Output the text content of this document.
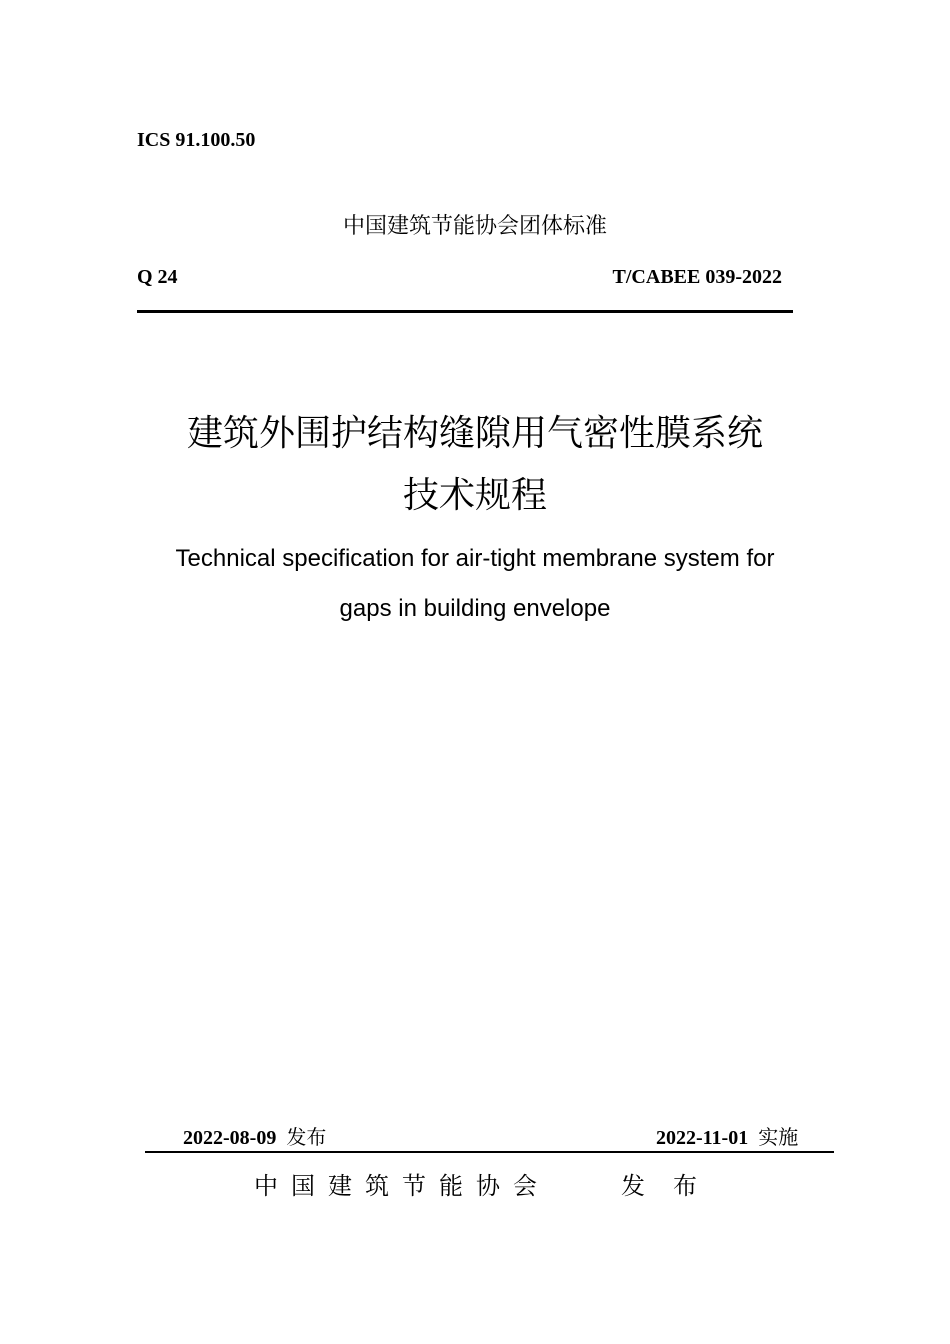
ICS 91.100.50
中国建筑节能协会团体标准
Q 24	T/CABEE 039-2022
建筑外围护结构缝隙用气密性膜系统
技术规程
Technical specification for air-tight membrane system for
gaps in building envelope
2022-08-09 发布	2022-11-01 实施
中国建筑节能协会	发布
